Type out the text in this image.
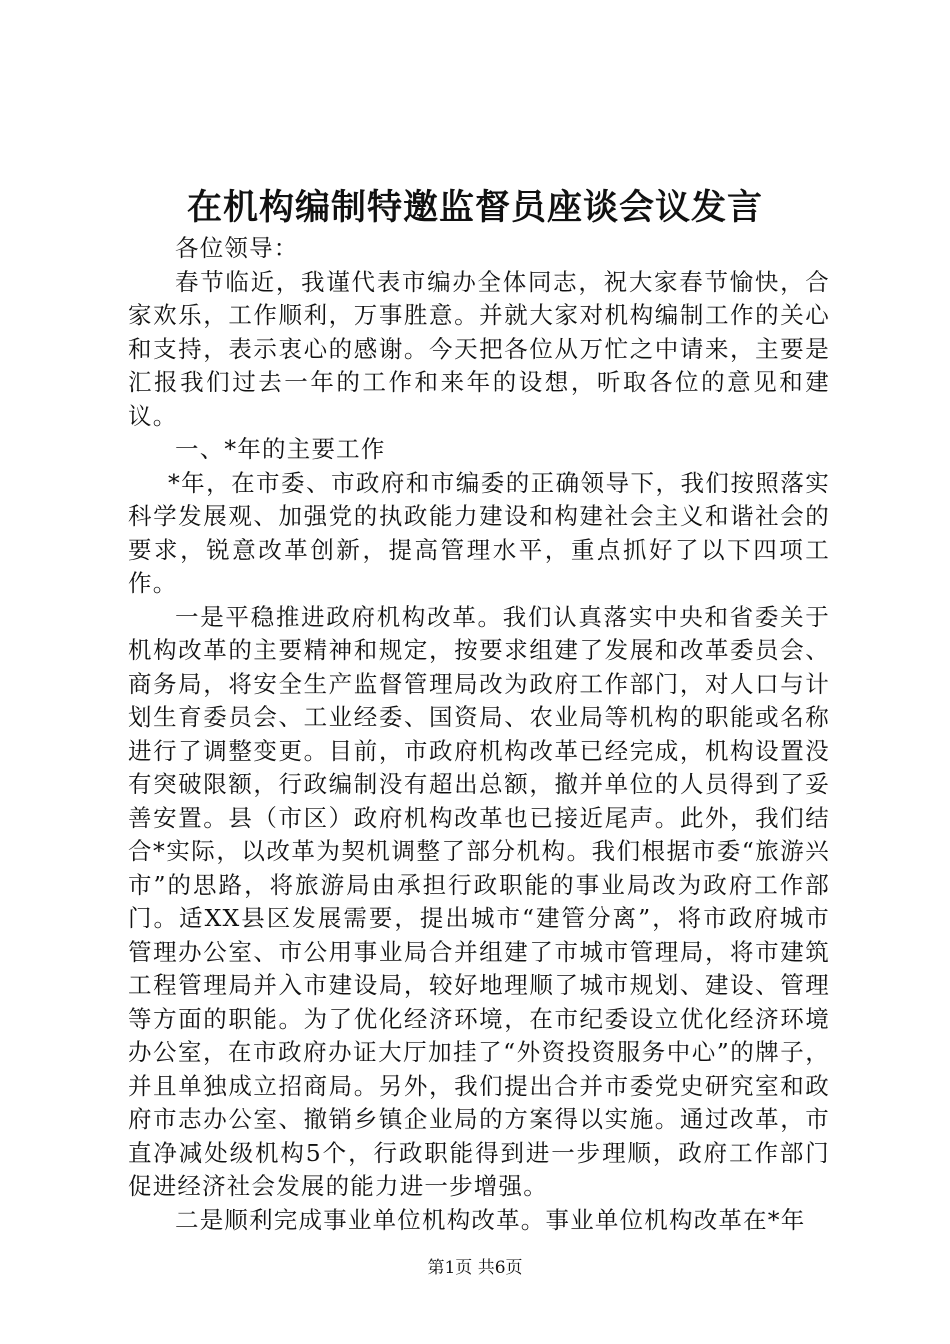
在机构编制特邀监督员座谈会议发言

各位领导：

春节临近，我谨代表市编办全体同志，祝大家春节愉快，合家欢乐，工作顺利，万事胜意。并就大家对机构编制工作的关心和支持，表示衷心的感谢。今天把各位从万忙之中请来，主要是汇报我们过去一年的工作和来年的设想，听取各位的意见和建议。

一、*年的主要工作

*年，在市委、市政府和市编委的正确领导下，我们按照落实科学发展观、加强党的执政能力建设和构建社会主义和谐社会的要求，锐意改革创新，提高管理水平，重点抓好了以下四项工作。

一是平稳推进政府机构改革。我们认真落实中央和省委关于机构改革的主要精神和规定，按要求组建了发展和改革委员会、商务局，将安全生产监督管理局改为政府工作部门，对人口与计划生育委员会、工业经委、国资局、农业局等机构的职能或名称进行了调整变更。目前，市政府机构改革已经完成，机构设置没有突破限额，行政编制没有超出总额，撤并单位的人员得到了妥善安置。县（市区）政府机构改革也已接近尾声。此外，我们结合*实际，以改革为契机调整了部分机构。我们根据市委“旅游兴市”的思路，将旅游局由承担行政职能的事业局改为政府工作部门。适XX县区发展需要，提出城市“建管分离”，将市政府城市管理办公室、市公用事业局合并组建了市城市管理局，将市建筑工程管理局并入市建设局，较好地理顺了城市规划、建设、管理等方面的职能。为了优化经济环境，在市纪委设立优化经济环境办公室，在市政府办证大厅加挂了“外资投资服务中心”的牌子，并且单独成立招商局。另外，我们提出合并市委党史研究室和政府市志办公室、撤销乡镇企业局的方案得以实施。通过改革，市直净减处级机构5个，行政职能得到进一步理顺，政府工作部门促进经济社会发展的能力进一步增强。

二是顺利完成事业单位机构改革。事业单位机构改革在*年

第1页 共6页
